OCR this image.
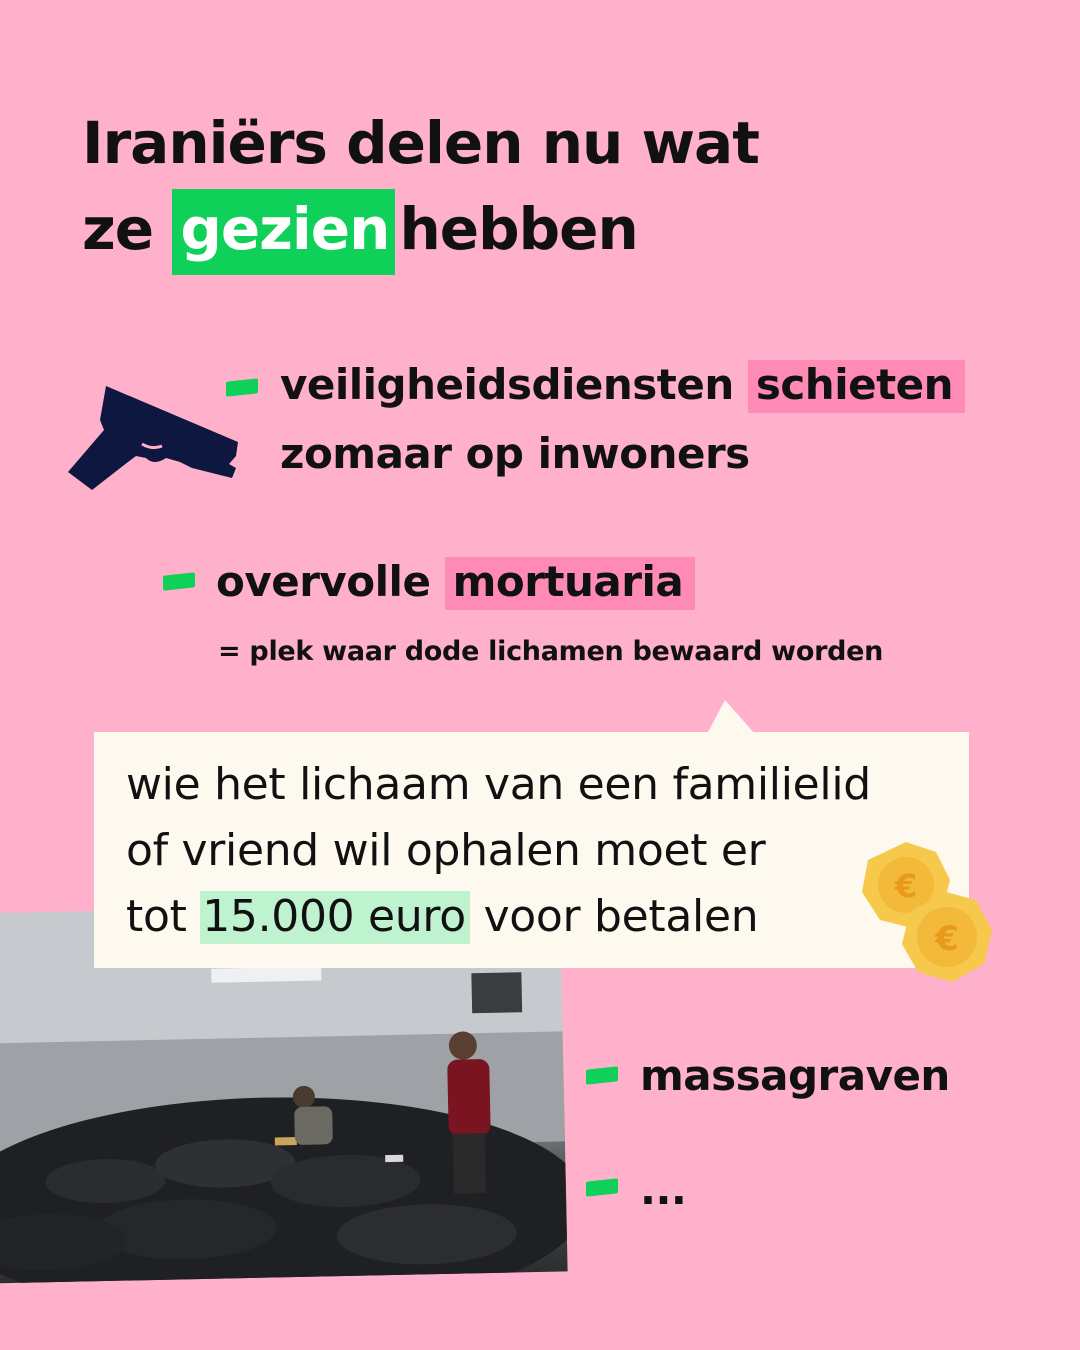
Iraniërs delen nu wat
ze gezien hebben
veiligheidsdiensten schieten
zomaar op inwoners
overvolle mortuaria
= plek waar dode lichamen bewaard worden
wie het lichaam van een familielid
of vriend wil ophalen moet er
tot 15.000 euro voor betalen
€
€
massagraven
...
